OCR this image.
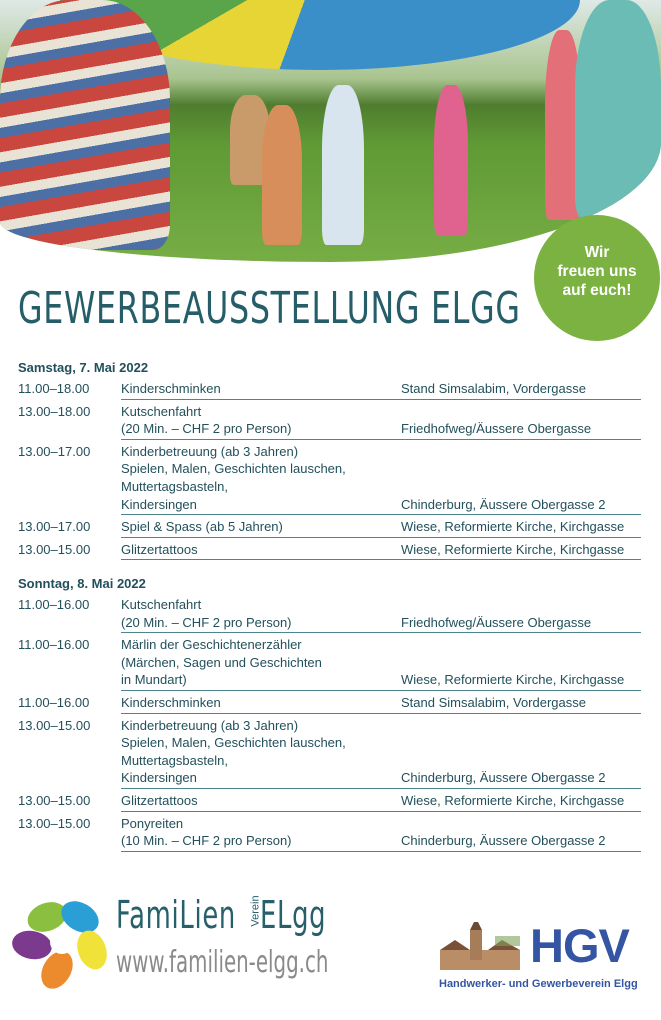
Wir
freuen uns
auf euch!
GEWERBEAUSSTELLUNG ELGG
Samstag, 7. Mai 2022
11.00–18.00	Kinderschminken	Stand Simsalabim, Vordergasse
13.00–18.00	Kutschenfahrt
(20 Min. – CHF 2 pro Person)	Friedhofweg/Äussere Obergasse
13.00–17.00	Kinderbetreuung (ab 3 Jahren)
Spielen, Malen, Geschichten lauschen,
Muttertagsbasteln,
Kindersingen	Chinderburg, Äussere Obergasse 2
13.00–17.00	Spiel & Spass (ab 5 Jahren)	Wiese, Reformierte Kirche, Kirchgasse
13.00–15.00	Glitzertattoos	Wiese, Reformierte Kirche, Kirchgasse
Sonntag, 8. Mai 2022
11.00–16.00	Kutschenfahrt
(20 Min. – CHF 2 pro Person)	Friedhofweg/Äussere Obergasse
11.00–16.00	Märlin der Geschichtenerzähler
(Märchen, Sagen und Geschichten
in Mundart)	Wiese, Reformierte Kirche, Kirchgasse
11.00–16.00	Kinderschminken	Stand Simsalabim, Vordergasse
13.00–15.00	Kinderbetreuung (ab 3 Jahren)
Spielen, Malen, Geschichten lauschen,
Muttertagsbasteln,
Kindersingen	Chinderburg, Äussere Obergasse 2
13.00–15.00	Glitzertattoos	Wiese, Reformierte Kirche, Kirchgasse
13.00–15.00	Ponyreiten
(10 Min. – CHF 2 pro Person)	Chinderburg, Äussere Obergasse 2
FamiLien Verein
ELgg
www.familien-elgg.ch	HGV
Handwerker- und Gewerbeverein Elgg
